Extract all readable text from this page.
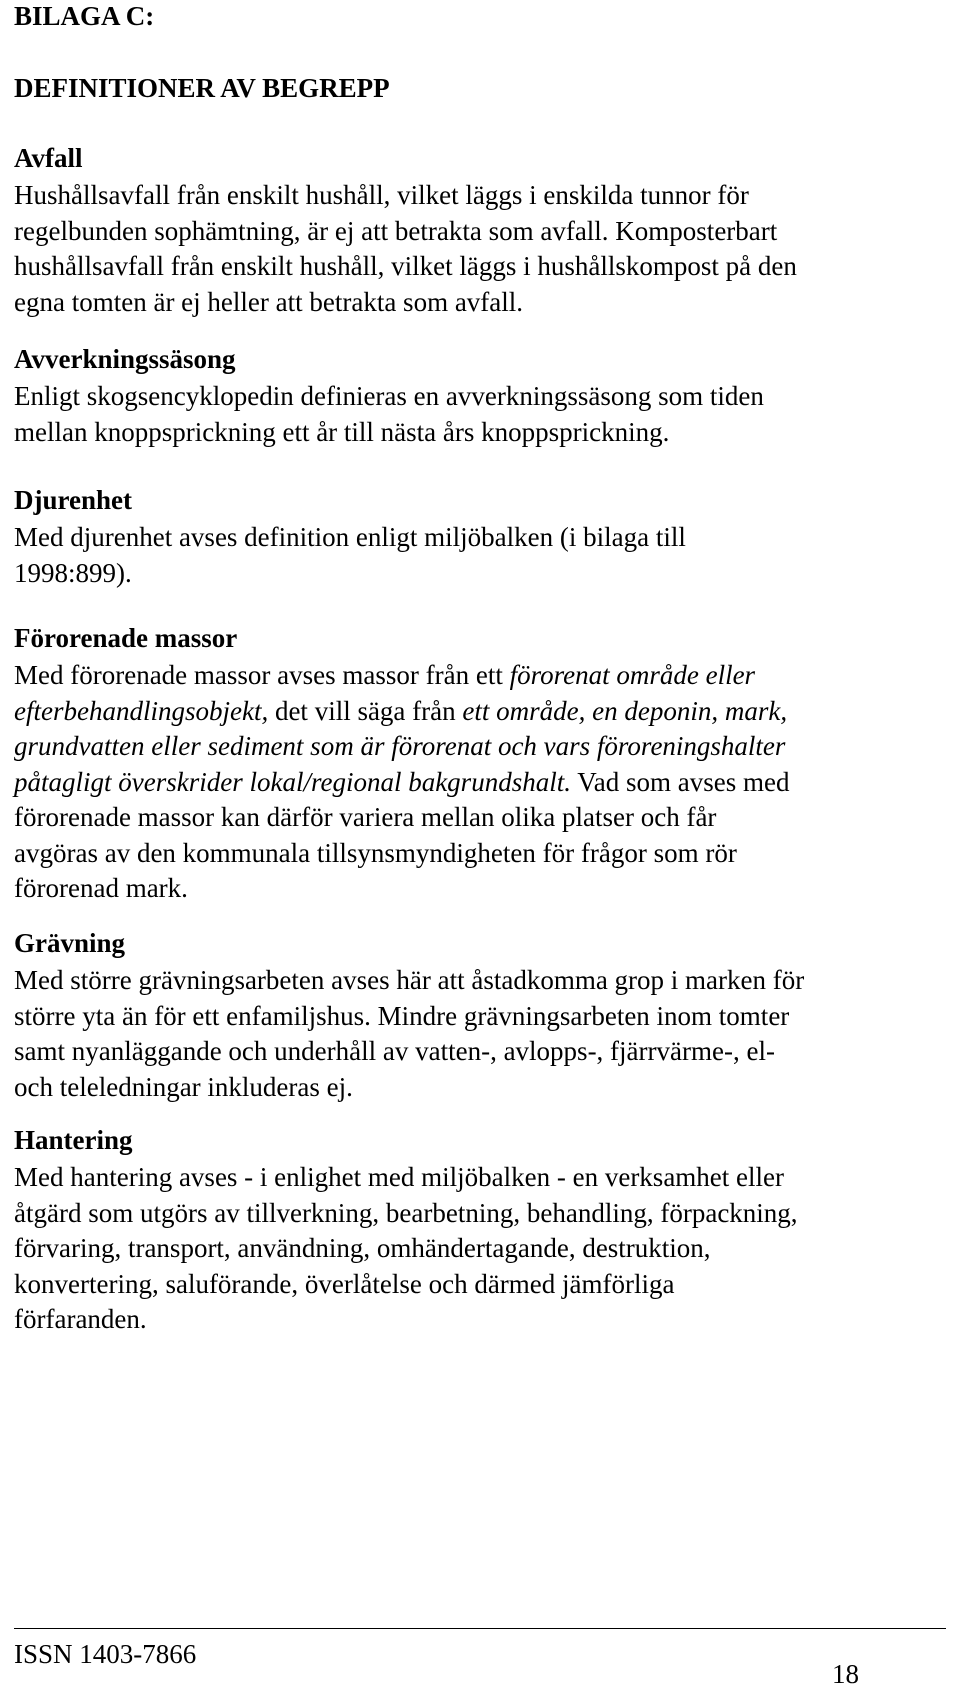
BILAGA C:
DEFINITIONER AV BEGREPP
Avfall

Hushållsavfall från enskilt hushåll, vilket läggs i enskilda tunnor för
regelbunden sophämtning, är ej att betrakta som avfall. Komposterbart
hushållsavfall från enskilt hushåll, vilket läggs i hushållskompost på den
egna tomten är ej heller att betrakta som avfall.

Avverkningssäsong

Enligt skogsencyklopedin definieras en avverkningssäsong som tiden
mellan knoppsprickning ett år till nästa års knoppsprickning.

Djurenhet

Med djurenhet avses definition enligt miljöbalken (i bilaga till
1998:899).

Förorenade massor

Med förorenade massor avses massor från ett förorenat område eller
efterbehandlingsobjekt, det vill säga från ett område, en deponin, mark,
grundvatten eller sediment som är förorenat och vars föroreningshalter
påtagligt överskrider lokal/regional bakgrundshalt. Vad som avses med
förorenade massor kan därför variera mellan olika platser och får
avgöras av den kommunala tillsynsmyndigheten för frågor som rör
förorenad mark.

Grävning

Med större grävningsarbeten avses här att åstadkomma grop i marken för
större yta än för ett enfamiljshus. Mindre grävningsarbeten inom tomter
samt nyanläggande och underhåll av vatten-, avlopps-, fjärrvärme-, el-
och teleledningar inkluderas ej.

Hantering

Med hantering avses - i enlighet med miljöbalken - en verksamhet eller
åtgärd som utgörs av tillverkning, bearbetning, behandling, förpackning,
förvaring, transport, användning, omhändertagande, destruktion,
konvertering, saluförande, överlåtelse och därmed jämförliga
förfaranden.

ISSN 1403-7866
18
